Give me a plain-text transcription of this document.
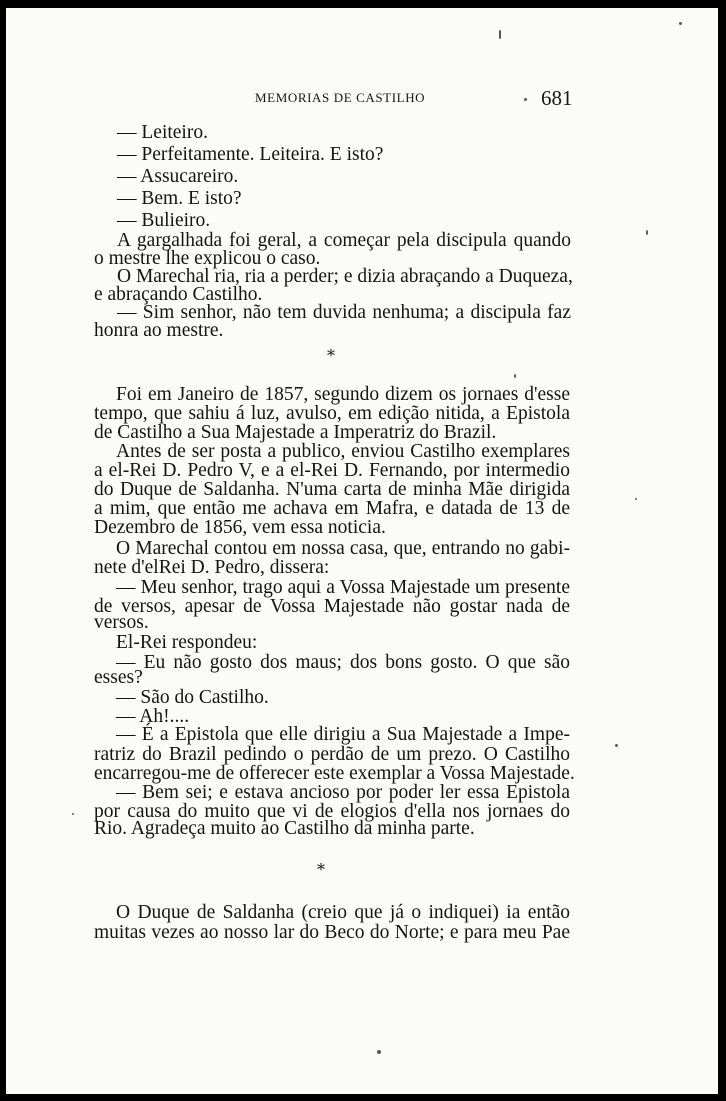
MEMORIAS DE CASTILHO	681
— Leiteiro.
— Perfeitamente. Leiteira. E isto?
— Assucareiro.
— Bem. E isto?
— Bulieiro.
A gargalhada foi geral, a começar pela discipula quando
o mestre lhe explicou o caso.
O Marechal ria, ria a perder; e dizia abraçando a Duqueza,
e abraçando Castilho.
— Sim senhor, não tem duvida nenhuma; a discipula faz
honra ao mestre.
*
Foi em Janeiro de 1857, segundo dizem os jornaes d'esse
tempo, que sahiu á luz, avulso, em edição nitida, a Epistola
de Castilho a Sua Majestade a Imperatriz do Brazil.
Antes de ser posta a publico, enviou Castilho exemplares
a el-Rei D. Pedro V, e a el-Rei D. Fernando, por intermedio
do Duque de Saldanha. N'uma carta de minha Mãe dirigida
a mim, que então me achava em Mafra, e datada de 13 de
Dezembro de 1856, vem essa noticia.
O Marechal contou em nossa casa, que, entrando no gabi-
nete d'elRei D. Pedro, dissera:
— Meu senhor, trago aqui a Vossa Majestade um presente
de versos, apesar de Vossa Majestade não gostar nada de
versos.
El-Rei respondeu:
— Eu não gosto dos maus; dos bons gosto. O que são
esses?
— São do Castilho.
— Ah!....
— É a Epistola que elle dirigiu a Sua Majestade a Impe-
ratriz do Brazil pedindo o perdão de um prezo. O Castilho
encarregou-me de offerecer este exemplar a Vossa Majestade.
— Bem sei; e estava ancioso por poder ler essa Epistola
por causa do muito que vi de elogios d'ella nos jornaes do
Rio. Agradeça muito ao Castilho da minha parte.
*
O Duque de Saldanha (creio que já o indiquei) ia então
muitas vezes ao nosso lar do Beco do Norte; e para meu Pae
